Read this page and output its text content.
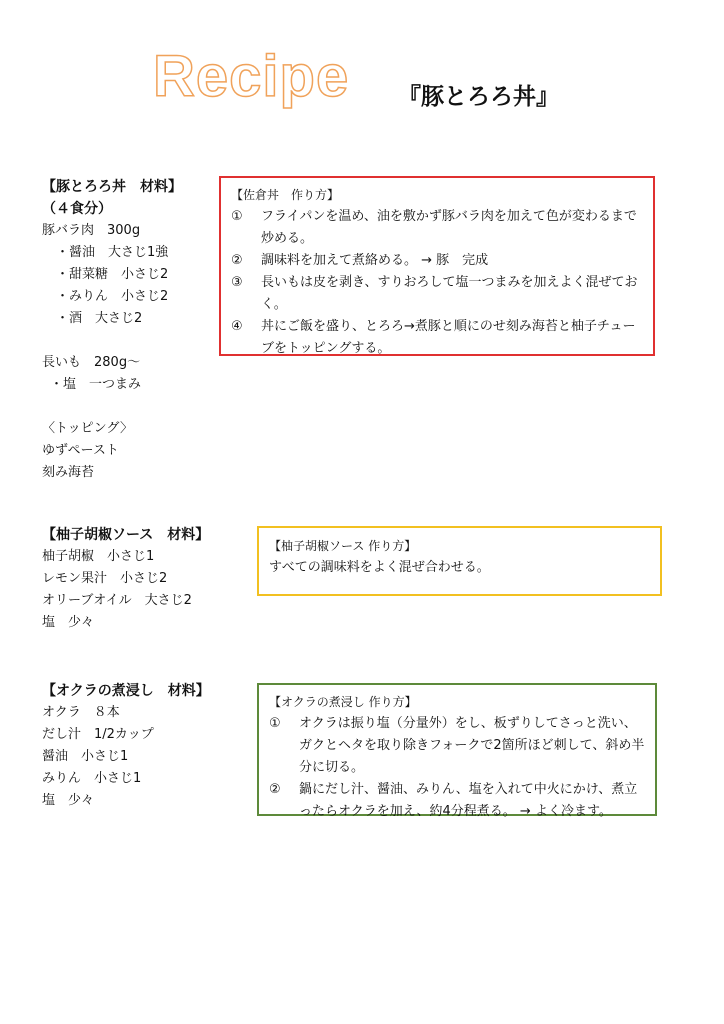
Recipe 『豚とろろ丼』
【豚とろろ丼　材料】
（４食分）
豚バラ肉　300g
・醤油　大さじ1強
・甜菜糖　小さじ2
・みりん　小さじ2
・酒　大さじ2
長いも　280g～
・塩　一つまみ
〈トッピング〉
ゆずペースト
刻み海苔
【佐倉丼　作り方】
①	フライパンを温め、油を敷かず豚バラ肉を加えて色が変わるまで炒める。
②	調味料を加えて煮絡める。 → 豚　完成
③	長いもは皮を剥き、すりおろして塩一つまみを加えよく混ぜておく。
④	丼にご飯を盛り、とろろ→煮豚と順にのせ刻み海苔と柚子チューブをトッピングする。
【柚子胡椒ソース　材料】
柚子胡椒　小さじ1
レモン果汁　小さじ2
オリーブオイル　大さじ2
塩　少々
【柚子胡椒ソース 作り方】
すべての調味料をよく混ぜ合わせる。
【オクラの煮浸し　材料】
オクラ　８本
だし汁　1/2カップ
醤油　小さじ1
みりん　小さじ1
塩　少々
【オクラの煮浸し 作り方】
①	オクラは振り塩（分量外）をし、板ずりしてさっと洗い、ガクとヘタを取り除きフォークで2箇所ほど刺して、斜め半分に切る。
②	鍋にだし汁、醤油、みりん、塩を入れて中火にかけ、煮立ったらオクラを加え、約4分程煮る。 → よく冷ます。
